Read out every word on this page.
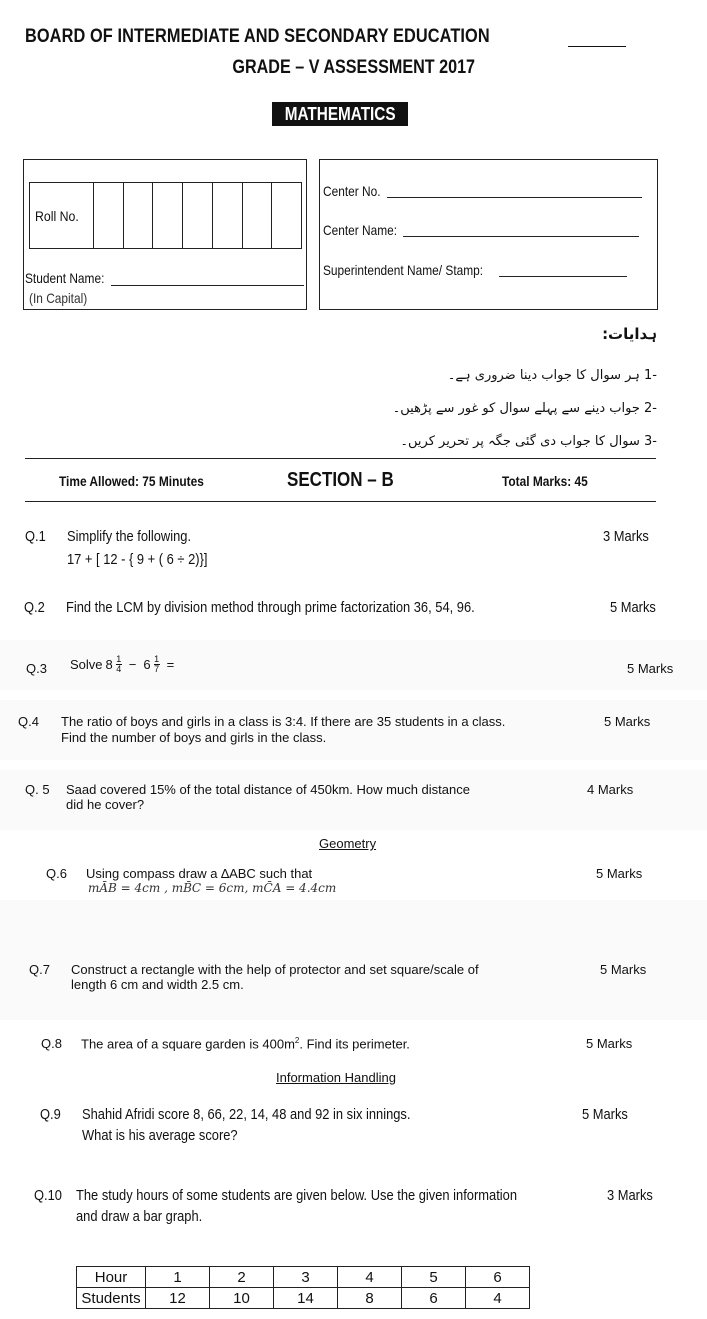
BOARD OF INTERMEDIATE AND SECONDARY EDUCATION
GRADE – V ASSESSMENT 2017
MATHEMATICS
Roll No.
Student Name:
(In Capital)
Center No.
Center Name:
Superintendent Name/ Stamp:
ہدایات:
-1 ہر سوال کا جواب دینا ضروری ہے۔
-2 جواب دینے سے پہلے سوال کو غور سے پڑھیں۔
-3 سوال کا جواب دی گئی جگہ پر تحریر کریں۔
Time Allowed: 75 Minutes	SECTION – B	Total Marks: 45
Q.1 Simplify the following.
17 + [ 12 - { 9 + ( 6 ÷ 2)}]
3 Marks
Q.2 Find the LCM by division method through prime factorization 36, 54, 96.	5 Marks
Q.3 Solve 8 1
4 − 6 1
7 =	5 Marks
Q.4 The ratio of boys and girls in a class is 3:4. If there are 35 students in a class.
Find the number of boys and girls in the class.
5 Marks
Q. 5 Saad covered 15% of the total distance of 450km. How much distance
did he cover?
4 Marks
Geometry
Q.6 Using compass draw a ∆ABC such that
mĀB = 4cm , mB̄C = 6cm, mC̄A = 4.4cm
5 Marks
Q.7 Construct a rectangle with the help of protector and set square/scale of
length 6 cm and width 2.5 cm.
5 Marks
Q.8 The area of a square garden is $400m^2$. Find its perimeter.	5 Marks
Information Handling
Q.9 Shahid Afridi score 8, 66, 22, 14, 48 and 92 in six innings.
What is his average score?
5 Marks
Q.10 The study hours of some students are given below. Use the given information
and draw a bar graph.
3 Marks
Hour	1	2	3	4	5	6
Students	12	10	14	8	6	4
